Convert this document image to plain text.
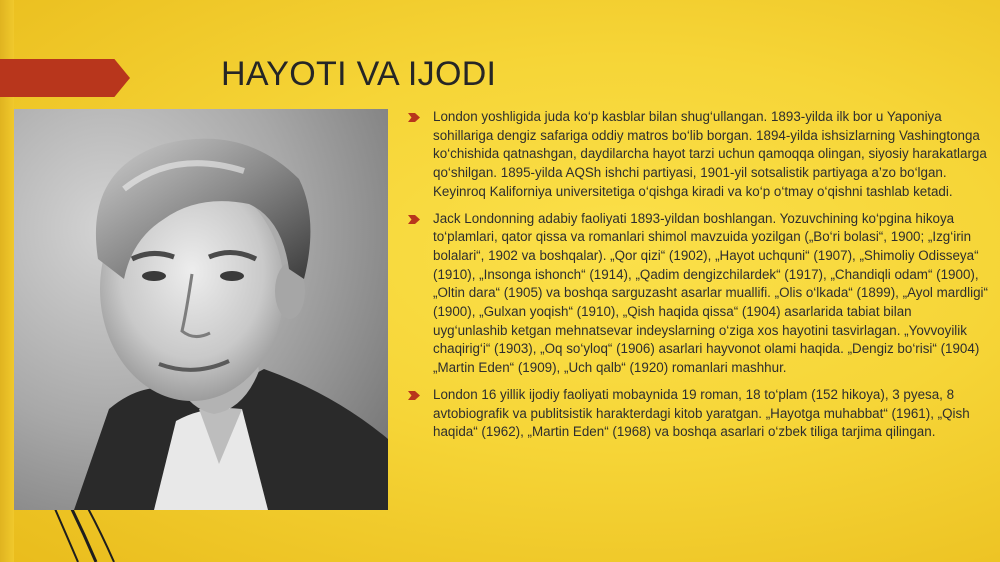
HAYOTI VA IJODI
London yoshligida juda ko‘p kasblar bilan shug‘ullangan. 1893-yilda ilk bor u Yaponiya sohillariga dengiz safariga oddiy matros bo‘lib borgan. 1894-yilda ishsizlarning Vashingtonga ko‘chishida qatnashgan, daydilarcha hayot tarzi uchun qamoqqa olingan, siyosiy harakatlarga qo‘shilgan. 1895-yilda AQSh ishchi partiyasi, 1901-yil sotsalistik partiyaga a’zo bo‘lgan. Keyinroq Kaliforniya universitetiga o‘qishga kiradi va ko‘p o‘tmay o‘qishni tashlab ketadi.
Jack Londonning adabiy faoliyati 1893-yildan boshlangan. Yozuvchining ko‘pgina hikoya to‘plamlari, qator qissa va romanlari shimol mavzuida yozilgan („Bo‘ri bolasi“, 1900; „Izg‘irin bolalari“, 1902 va boshqalar). „Qor qizi“ (1902), „Hayot uchquni“ (1907), „Shimoliy Odisseya“ (1910), „Insonga ishonch“ (1914), „Qadim dengizchilardek“ (1917), „Chandiqli odam“ (1900), „Oltin dara“ (1905) va boshqa sarguzasht asarlar muallifi. „Olis o‘lkada“ (1899), „Ayol mardligi“ (1900), „Gulxan yoqish“ (1910), „Qish haqida qissa“ (1904) asarlarida tabiat bilan uyg‘unlashib ketgan mehnatsevar indeyslarning o‘ziga xos hayotini tasvirlagan. „Yovvoyilik chaqirig‘i“ (1903), „Oq so‘yloq“ (1906) asarlari hayvonot olami haqida. „Dengiz bo‘risi“ (1904) „Martin Eden“ (1909), „Uch qalb“ (1920) romanlari mashhur.
London 16 yillik ijodiy faoliyati mobaynida 19 roman, 18 to‘plam (152 hikoya), 3 pyesa, 8 avtobiografik va publitsistik harakterdagi kitob yaratgan. „Hayotga muhabbat“ (1961), „Qish haqida“ (1962), „Martin Eden“ (1968) va boshqa asarlari o‘zbek tiliga tarjima qilingan.
